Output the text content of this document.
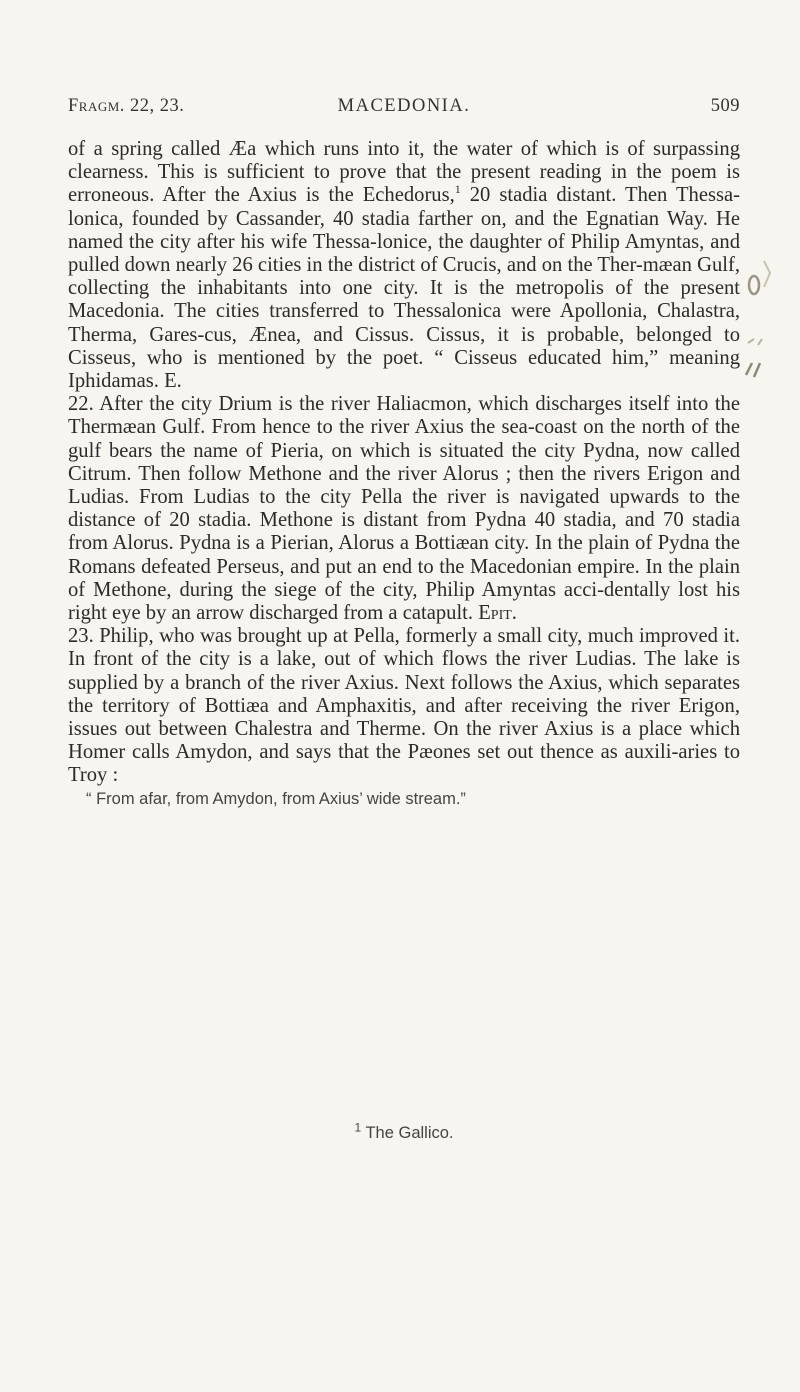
Fragm. 22, 23.	MACEDONIA.	509

of a spring called Æa which runs into it, the water of which is of surpassing clearness. This is sufficient to prove that the present reading in the poem is erroneous. After the Axius is the Echedorus,$^1$ 20 stadia distant. Then Thessa-lonica, founded by Cassander, 40 stadia farther on, and the Egnatian Way. He named the city after his wife Thessa-lonice, the daughter of Philip Amyntas, and pulled down nearly 26 cities in the district of Crucis, and on the Ther-mæan Gulf, collecting the inhabitants into one city. It is the metropolis of the present Macedonia. The cities transferred to Thessalonica were Apollonia, Chalastra, Therma, Gares-cus, Ænea, and Cissus. Cissus, it is probable, belonged to Cisseus, who is mentioned by the poet. “ Cisseus educated him,” meaning Iphidamas. E.

22. After the city Drium is the river Haliacmon, which discharges itself into the Thermæan Gulf. From hence to the river Axius the sea-coast on the north of the gulf bears the name of Pieria, on which is situated the city Pydna, now called Citrum. Then follow Methone and the river Alorus ; then the rivers Erigon and Ludias. From Ludias to the city Pella the river is navigated upwards to the distance of 20 stadia. Methone is distant from Pydna 40 stadia, and 70 stadia from Alorus. Pydna is a Pierian, Alorus a Bottiæan city. In the plain of Pydna the Romans defeated Perseus, and put an end to the Macedonian empire. In the plain of Methone, during the siege of the city, Philip Amyntas acci-dentally lost his right eye by an arrow discharged from a catapult. Epit.

23. Philip, who was brought up at Pella, formerly a small city, much improved it. In front of the city is a lake, out of which flows the river Ludias. The lake is supplied by a branch of the river Axius. Next follows the Axius, which separates the territory of Bottiæa and Amphaxitis, and after receiving the river Erigon, issues out between Chalestra and Therme. On the river Axius is a place which Homer calls Amydon, and says that the Pæones set out thence as auxili-aries to Troy :

“ From afar, from Amydon, from Axius’ wide stream.”

$^1$ The Gallico.
